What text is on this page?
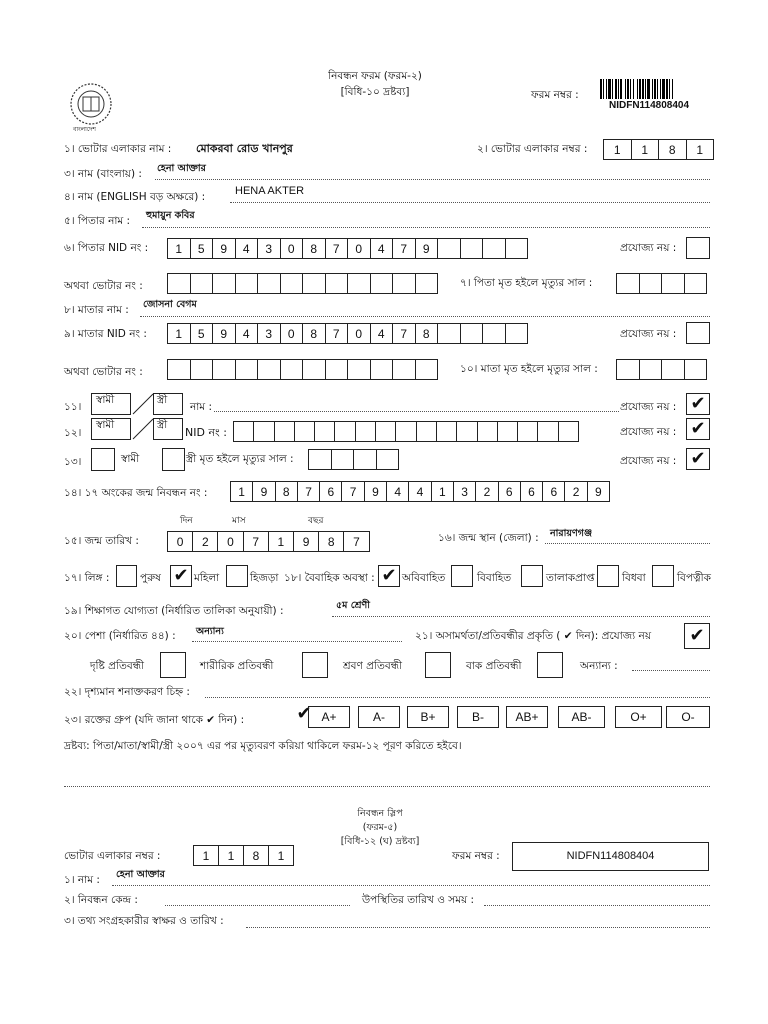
বাংলাদেশ
নিবন্ধন ফরম (ফরম-২)
[বিধি-১০ দ্রষ্টব্য]	ফরম নম্বর :
NIDFN114808404
১। ভোটার এলাকার নাম : মোকরবা রোড খানপুর	২। ভোটার এলাকার নম্বর :	1	1	8	1
৩। নাম (বাংলায়) : হেনা আক্তার
৪। নাম (ENGLISH বড় অক্ষরে) :	HENA AKTER
৫। পিতার নাম : হুমায়ুন কবির
৬। পিতার NID নং :	1	5	9	4	3	0	8	7	0	4	7	9	প্রযোজ্য নয় :
অথবা ভোটার নং :	৭। পিতা মৃত হইলে মৃত্যুর সাল :
৮। মাতার নাম : জোসনা বেগম
৯। মাতার NID নং :	1	5	9	4	3	0	8	7	0	4	7	8	প্রযোজ্য নয় :
অথবা ভোটার নং :	১০। মাতা মৃত হইলে মৃত্যুর সাল :
১১।
স্বামী	স্ত্রী
নাম :	প্রযোজ্য নয় : ✔
১২।
স্বামী	স্ত্রী
NID নং :	প্রযোজ্য নয় : ✔
১৩।	স্বামী	স্ত্রী মৃত হইলে মৃত্যুর সাল :	প্রযোজ্য নয় : ✔
১৪। ১৭ অংকের জন্ম নিবন্ধন নং :	1	9	8	7	6	7	9	4	4	1	3	2	6	6	6	2	9
দিন	মাস	বছর
১৫। জন্ম তারিখ :	0	2	0	7	1	9	8	7	১৬। জন্ম স্থান (জেলা) : নারায়ণগঞ্জ
১৭। লিঙ্গ :	পুরুষ ✔ মহিলা	হিজড়া ১৮। বৈবাহিক অবস্থা : ✔ অবিবাহিত	বিবাহিত	তালাকপ্রাপ্ত	বিধবা	বিপত্নীক
১৯। শিক্ষাগত যোগ্যতা (নির্ধারিত তালিকা অনুযায়ী) :	৫ম শ্রেণী
২০। পেশা (নির্ধারিত ৪৪) : অন্যান্য	২১। অসামর্থতা/প্রতিবন্ধীর প্রকৃতি ( ✔ দিন): প্রযোজ্য নয়	✔
দৃষ্টি প্রতিবন্ধী	শারীরিক প্রতিবন্ধী	শ্রবণ প্রতিবন্ধী	বাক প্রতিবন্ধী	অন্যান্য :
২২। দৃশ্যমান শনাক্তকরণ চিহ্ন :
২৩। রক্তের গ্রুপ (যদি জানা থাকে ✔ দিন) :	✔ A+	A-	B+	B-	AB+	AB-	O+	O-
দ্রষ্টব্য: পিতা/মাতা/স্বামী/স্ত্রী ২০০৭ এর পর মৃত্যুবরণ করিয়া থাকিলে ফরম-১২ পূরণ করিতে হইবে।
নিবন্ধন স্লিপ
(ফরম-৫)
[বিধি-১২ (ঘ) দ্রষ্টব্য]
ভোটার এলাকার নম্বর :	1	1	8	1	ফরম নম্বর :	NIDFN114808404
১। নাম : হেনা আক্তার
২। নিবন্ধন কেন্দ্র :	উপস্থিতির তারিখ ও সময় :
৩। তথ্য সংগ্রহকারীর স্বাক্ষর ও তারিখ :
